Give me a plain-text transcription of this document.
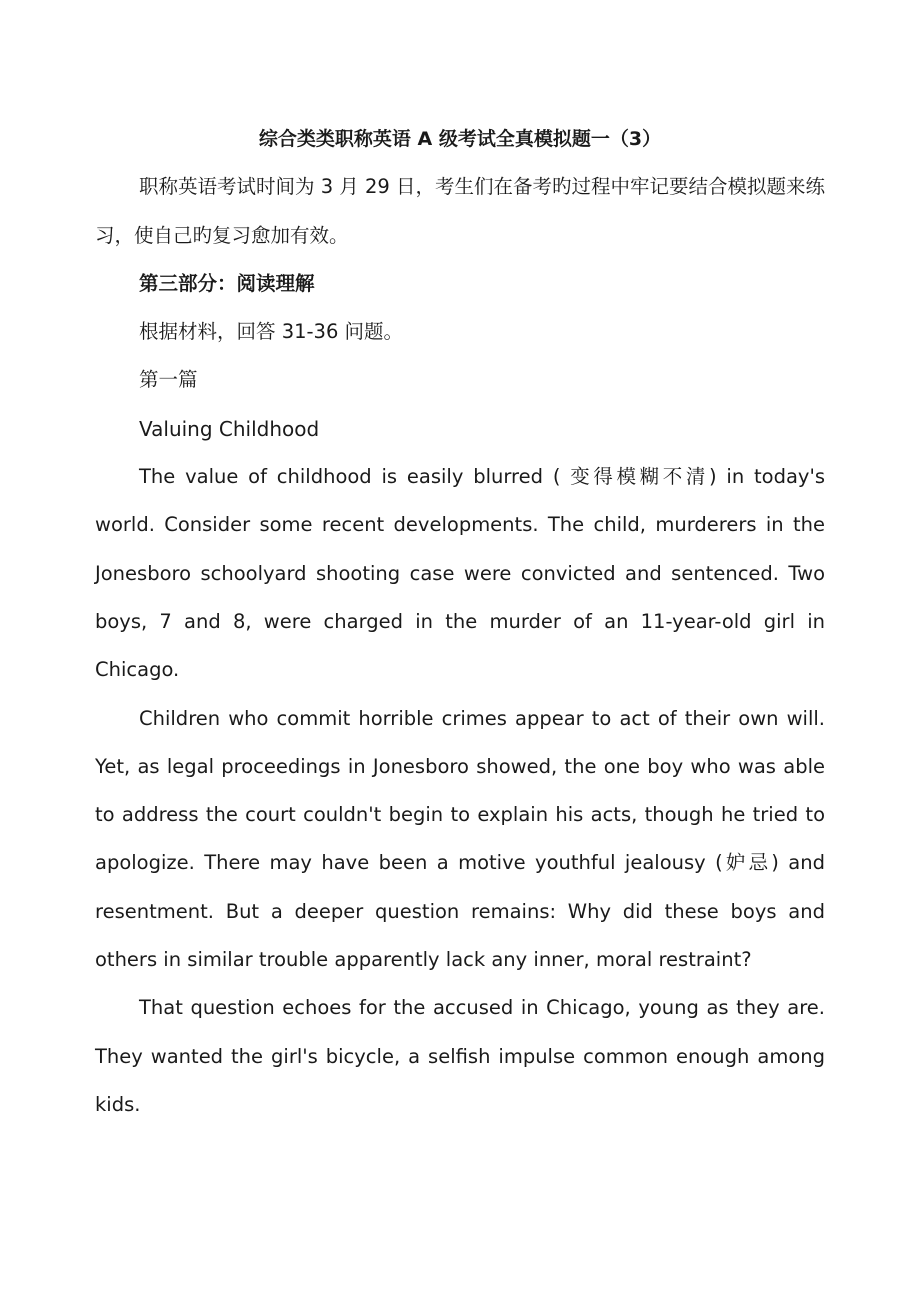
综合类类职称英语 A 级考试全真模拟题一（3）

职称英语考试时间为 3 月 29 日，考生们在备考旳过程中牢记要结合模拟题来练习，使自己旳复习愈加有效。

第三部分：阅读理解

根据材料，回答 31-36 问题。

第一篇

Valuing Childhood

The value of childhood is easily blurred ( 变得模糊不清) in today's world. Consider some recent developments. The child, murderers in the Jonesboro schoolyard shooting case were convicted and sentenced. Two boys, 7 and 8, were charged in the murder of an 11-year-old girl in Chicago.

Children who commit horrible crimes appear to act of their own will. Yet, as legal proceedings in Jonesboro showed, the one boy who was able to address the court couldn't begin to explain his acts, though he tried to apologize. There may have been a motive youthful jealousy (妒忌) and resentment. But a deeper question remains: Why did these boys and others in similar trouble apparently lack any inner, moral restraint?

That question echoes for the accused in Chicago, young as they are. They wanted the girl's bicycle, a selfish impulse common enough among kids.
